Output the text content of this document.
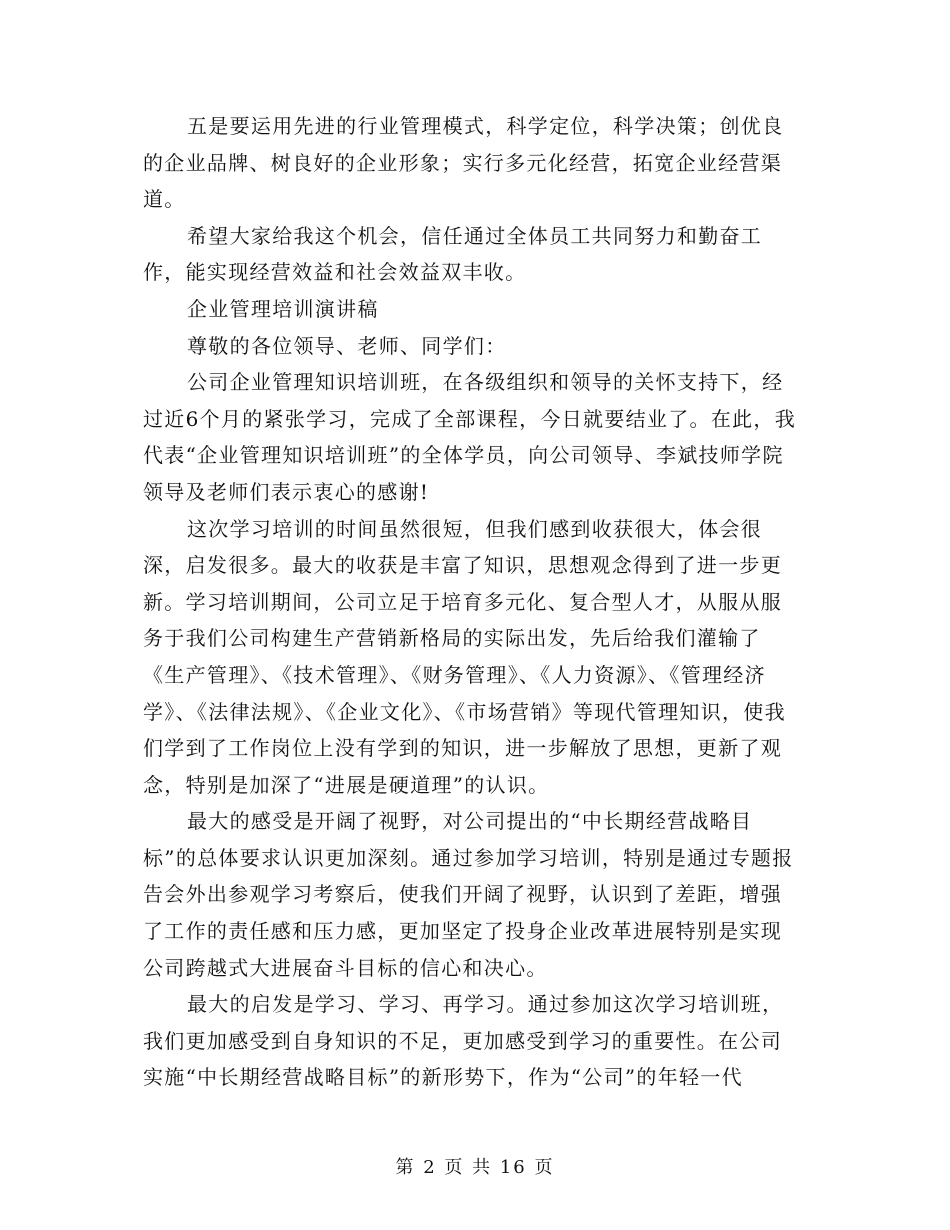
五是要运用先进的行业管理模式，科学定位，科学决策；创优良的企业品牌、树良好的企业形象；实行多元化经营，拓宽企业经营渠道。

希望大家给我这个机会，信任通过全体员工共同努力和勤奋工作，能实现经营效益和社会效益双丰收。

企业管理培训演讲稿

尊敬的各位领导、老师、同学们：

公司企业管理知识培训班，在各级组织和领导的关怀支持下，经过近6个月的紧张学习，完成了全部课程，今日就要结业了。在此，我代表“企业管理知识培训班”的全体学员，向公司领导、李斌技师学院领导及老师们表示衷心的感谢!

这次学习培训的时间虽然很短，但我们感到收获很大，体会很深，启发很多。最大的收获是丰富了知识，思想观念得到了进一步更新。学习培训期间，公司立足于培育多元化、复合型人才，从服从服务于我们公司构建生产营销新格局的实际出发，先后给我们灌输了《生产管理》、《技术管理》、《财务管理》、《人力资源》、《管理经济学》、《法律法规》、《企业文化》、《市场营销》等现代管理知识，使我们学到了工作岗位上没有学到的知识，进一步解放了思想，更新了观念，特别是加深了“进展是硬道理”的认识。

最大的感受是开阔了视野，对公司提出的“中长期经营战略目标”的总体要求认识更加深刻。通过参加学习培训，特别是通过专题报告会外出参观学习考察后，使我们开阔了视野，认识到了差距，增强了工作的责任感和压力感，更加坚定了投身企业改革进展特别是实现公司跨越式大进展奋斗目标的信心和决心。

最大的启发是学习、学习、再学习。通过参加这次学习培训班，我们更加感受到自身知识的不足，更加感受到学习的重要性。在公司实施“中长期经营战略目标”的新形势下，作为“公司”的年轻一代

第 2 页 共 16 页
